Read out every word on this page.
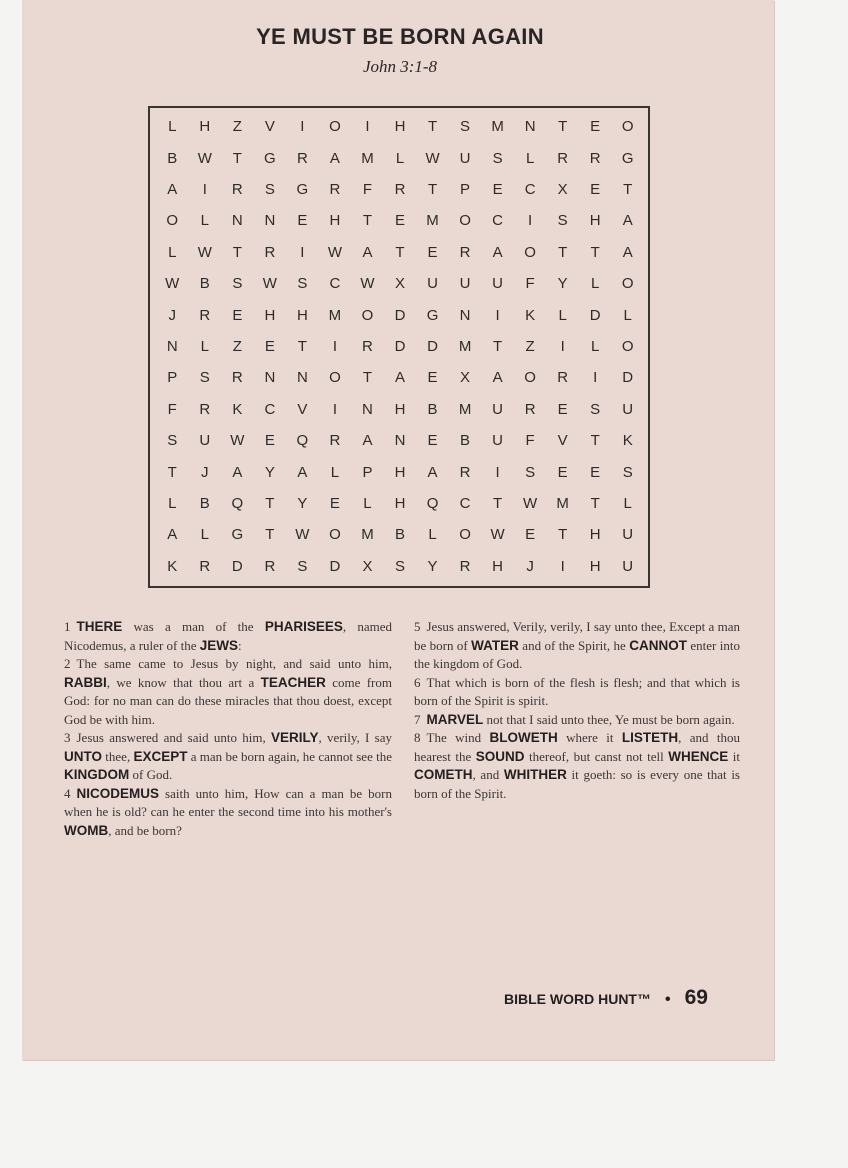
YE MUST BE BORN AGAIN
John 3:1-8
L	H	Z	V	I	O	I	H	T	S	M	N	T	E	O
B	W	T	G	R	A	M	L	W	U	S	L	R	R	G
A	I	R	S	G	R	F	R	T	P	E	C	X	E	T
O	L	N	N	E	H	T	E	M	O	C	I	S	H	A
L	W	T	R	I	W	A	T	E	R	A	O	T	T	A
W	B	S	W	S	C	W	X	U	U	U	F	Y	L	O
J	R	E	H	H	M	O	D	G	N	I	K	L	D	L
N	L	Z	E	T	I	R	D	D	M	T	Z	I	L	O
P	S	R	N	N	O	T	A	E	X	A	O	R	I	D
F	R	K	C	V	I	N	H	B	M	U	R	E	S	U
S	U	W	E	Q	R	A	N	E	B	U	F	V	T	K
T	J	A	Y	A	L	P	H	A	R	I	S	E	E	S
L	B	Q	T	Y	E	L	H	Q	C	T	W	M	T	L
A	L	G	T	W	O	M	B	L	O	W	E	T	H	U
K	R	D	R	S	D	X	S	Y	R	H	J	I	H	U
1 THERE was a man of the PHARISEES, named Nicodemus, a ruler of the JEWS:
2 The same came to Jesus by night, and said unto him, RABBI, we know that thou art a TEACHER come from God: for no man can do these miracles that thou doest, except God be with him.
3 Jesus answered and said unto him, VERILY, verily, I say UNTO thee, EXCEPT a man be born again, he cannot see the KINGDOM of God.
4 NICODEMUS saith unto him, How can a man be born when he is old? can he enter the second time into his mother's WOMB, and be born?
5 Jesus answered, Verily, verily, I say unto thee, Except a man be born of WATER and of the Spirit, he CANNOT enter into the kingdom of God.
6 That which is born of the flesh is flesh; and that which is born of the Spirit is spirit.
7 MARVEL not that I said unto thee, Ye must be born again.
8 The wind BLOWETH where it LISTETH, and thou hearest the SOUND thereof, but canst not tell WHENCE it COMETH, and WHITHER it goeth: so is every one that is born of the Spirit.
BIBLE WORD HUNT™ • 69
